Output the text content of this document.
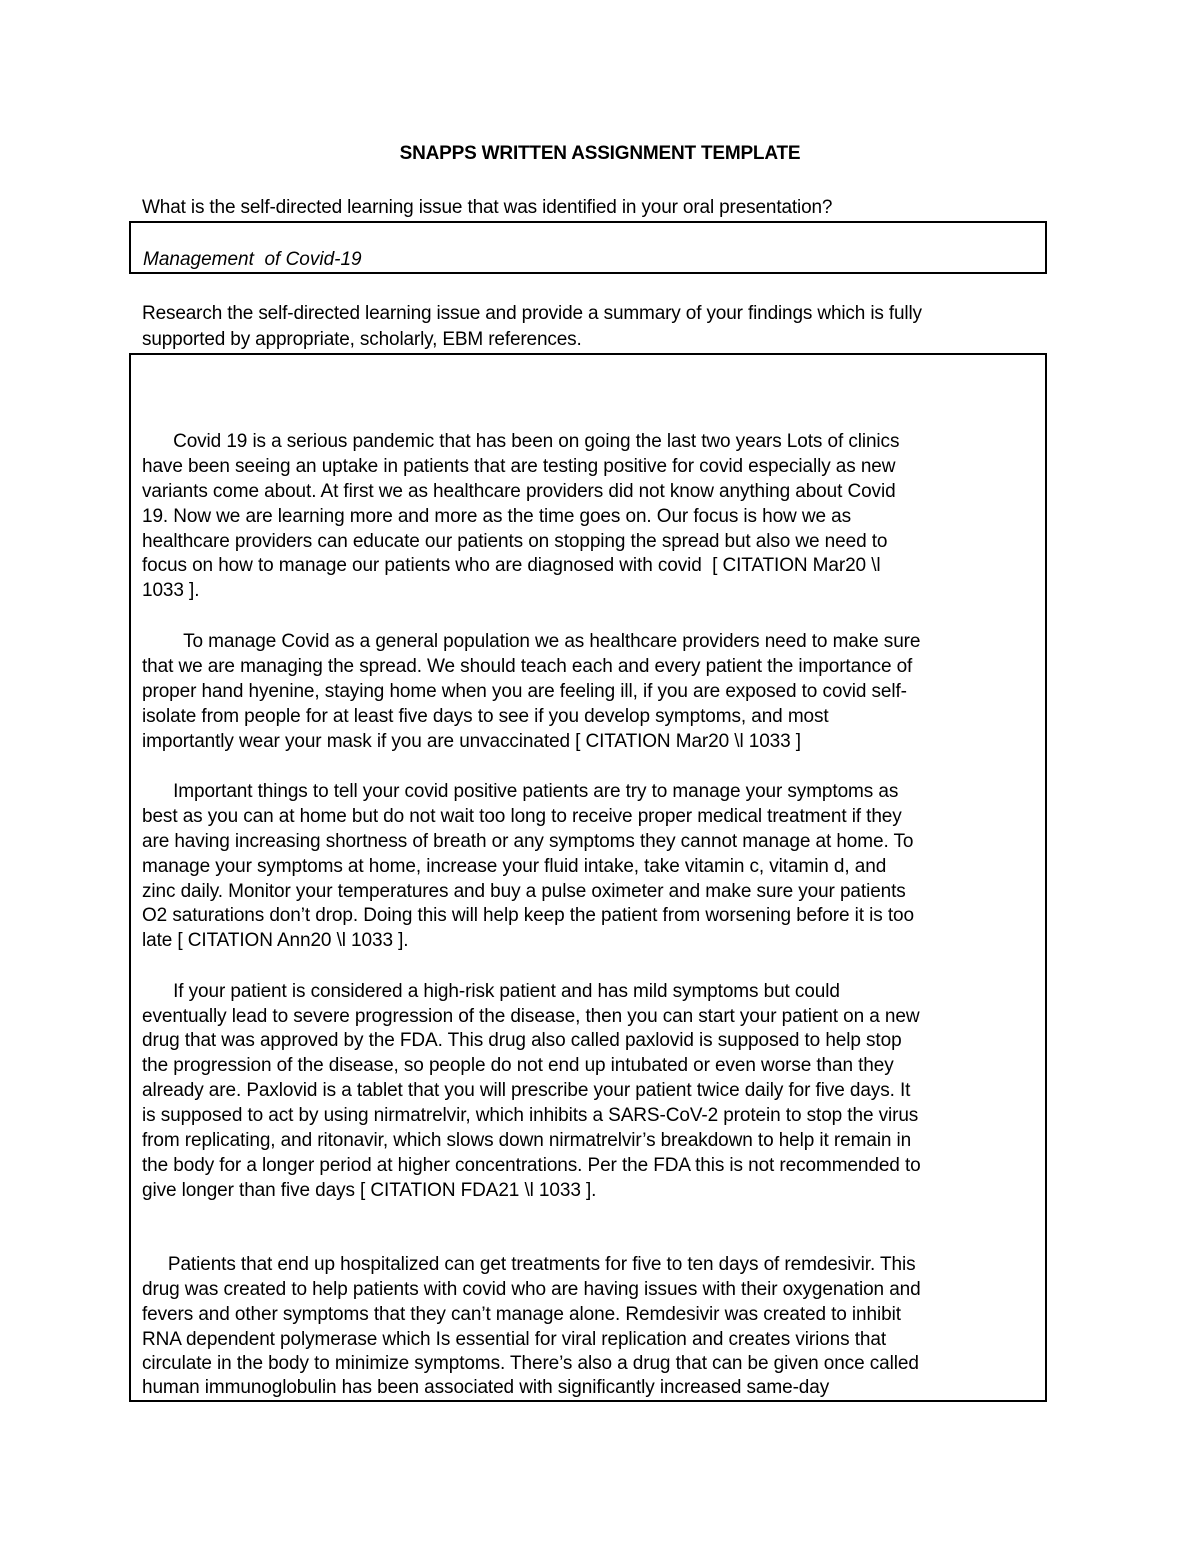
SNAPPS WRITTEN ASSIGNMENT TEMPLATE
What is the self-directed learning issue that was identified in your oral presentation?
Management  of Covid-19
Research the self-directed learning issue and provide a summary of your findings which is fully
supported by appropriate, scholarly, EBM references.
Covid 19 is a serious pandemic that has been on going the last two years Lots of clinics
have been seeing an uptake in patients that are testing positive for covid especially as new
variants come about. At first we as healthcare providers did not know anything about Covid
19. Now we are learning more and more as the time goes on. Our focus is how we as
healthcare providers can educate our patients on stopping the spread but also we need to
focus on how to manage our patients who are diagnosed with covid  [ CITATION Mar20 \l
1033 ].
To manage Covid as a general population we as healthcare providers need to make sure
that we are managing the spread. We should teach each and every patient the importance of
proper hand hyenine, staying home when you are feeling ill, if you are exposed to covid self-
isolate from people for at least five days to see if you develop symptoms, and most
importantly wear your mask if you are unvaccinated [ CITATION Mar20 \l 1033 ]
Important things to tell your covid positive patients are try to manage your symptoms as
best as you can at home but do not wait too long to receive proper medical treatment if they
are having increasing shortness of breath or any symptoms they cannot manage at home. To
manage your symptoms at home, increase your fluid intake, take vitamin c, vitamin d, and
zinc daily. Monitor your temperatures and buy a pulse oximeter and make sure your patients
O2 saturations don’t drop. Doing this will help keep the patient from worsening before it is too
late [ CITATION Ann20 \l 1033 ].
If your patient is considered a high-risk patient and has mild symptoms but could
eventually lead to severe progression of the disease, then you can start your patient on a new
drug that was approved by the FDA. This drug also called paxlovid is supposed to help stop
the progression of the disease, so people do not end up intubated or even worse than they
already are. Paxlovid is a tablet that you will prescribe your patient twice daily for five days. It
is supposed to act by using nirmatrelvir, which inhibits a SARS-CoV-2 protein to stop the virus
from replicating, and ritonavir, which slows down nirmatrelvir’s breakdown to help it remain in
the body for a longer period at higher concentrations. Per the FDA this is not recommended to
give longer than five days [ CITATION FDA21 \l 1033 ].
Patients that end up hospitalized can get treatments for five to ten days of remdesivir. This
drug was created to help patients with covid who are having issues with their oxygenation and
fevers and other symptoms that they can’t manage alone. Remdesivir was created to inhibit
RNA dependent polymerase which Is essential for viral replication and creates virions that
circulate in the body to minimize symptoms. There’s also a drug that can be given once called
human immunoglobulin has been associated with significantly increased same-day
